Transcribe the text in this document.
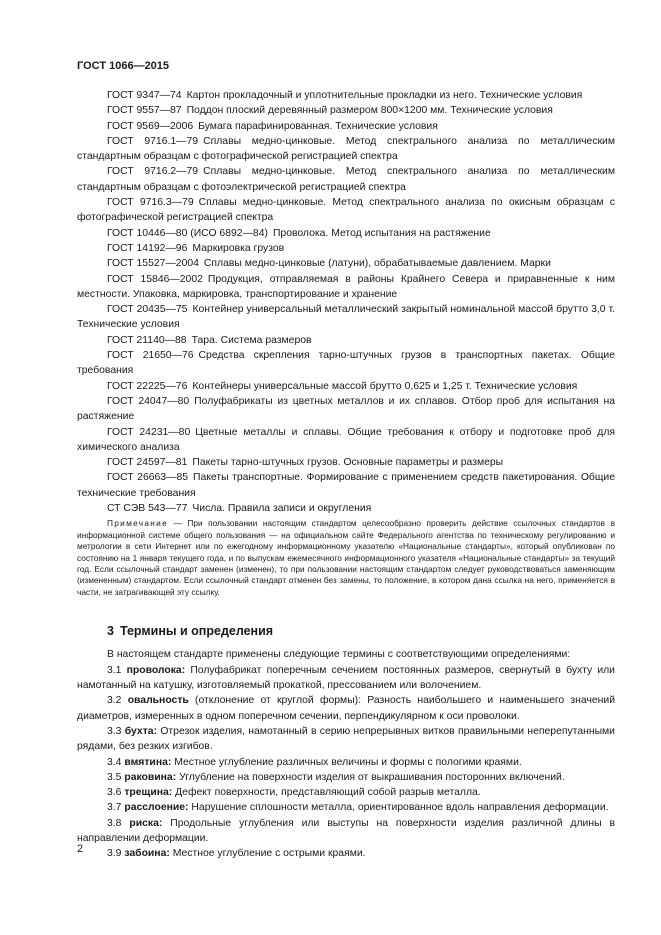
ГОСТ 1066—2015

ГОСТ 9347—74 Картон прокладочный и уплотнительные прокладки из него. Технические условия

ГОСТ 9557—87 Поддон плоский деревянный размером 800×1200 мм. Технические условия

ГОСТ 9569—2006 Бумага парафинированная. Технические условия

ГОСТ 9716.1—79 Сплавы медно-цинковые. Метод спектрального анализа по металлическим стандартным образцам с фотографической регистрацией спектра

ГОСТ 9716.2—79 Сплавы медно-цинковые. Метод спектрального анализа по металлическим стандартным образцам с фотоэлектрической регистрацией спектра

ГОСТ 9716.3—79 Сплавы медно-цинковые. Метод спектрального анализа по окисным образцам с фотографической регистрацией спектра

ГОСТ 10446—80 (ИСО 6892—84) Проволока. Метод испытания на растяжение

ГОСТ 14192—96 Маркировка грузов

ГОСТ 15527—2004 Сплавы медно-цинковые (латуни), обрабатываемые давлением. Марки

ГОСТ 15846—2002 Продукция, отправляемая в районы Крайнего Севера и приравненные к ним местности. Упаковка, маркировка, транспортирование и хранение

ГОСТ 20435—75 Контейнер универсальный металлический закрытый номинальной массой брутто 3,0 т. Технические условия

ГОСТ 21140—88 Тара. Система размеров

ГОСТ 21650—76 Средства скрепления тарно-штучных грузов в транспортных пакетах. Общие требования

ГОСТ 22225—76 Контейнеры универсальные массой брутто 0,625 и 1,25 т. Технические условия

ГОСТ 24047—80 Полуфабрикаты из цветных металлов и их сплавов. Отбор проб для испытания на растяжение

ГОСТ 24231—80 Цветные металлы и сплавы. Общие требования к отбору и подготовке проб для химического анализа

ГОСТ 24597—81 Пакеты тарно-штучных грузов. Основные параметры и размеры

ГОСТ 26663—85 Пакеты транспортные. Формирование с применением средств пакетирования. Общие технические требования

СТ СЭВ 543—77 Числа. Правила записи и округления

Примечание — При пользовании настоящим стандартом целесообразно проверить действие ссылочных стандартов в информационной системе общего пользования — на официальном сайте Федерального агентства по техническому регулированию и метрологии в сети Интернет или по ежегодному информационному указателю «Национальные стандарты», который опубликован по состоянию на 1 января текущего года, и по выпускам ежемесячного информационного указателя «Национальные стандарты» за текущий год. Если ссылочный стандарт заменен (изменен), то при пользовании настоящим стандартом следует руководствоваться заменяющим (измененным) стандартом. Если ссылочный стандарт отменен без замены, то положение, в котором дана ссылка на него, применяется в части, не затрагивающей эту ссылку.

3 Термины и определения

В настоящем стандарте применены следующие термины с соответствующими определениями:

3.1 проволока: Полуфабрикат поперечным сечением постоянных размеров, свернутый в бухту или намотанный на катушку, изготовляемый прокаткой, прессованием или волочением.

3.2 овальность (отклонение от круглой формы): Разность наибольшего и наименьшего значений диаметров, измеренных в одном поперечном сечении, перпендикулярном к оси проволоки.

3.3 бухта: Отрезок изделия, намотанный в серию непрерывных витков правильными неперепутанными рядами, без резких изгибов.

3.4 вмятина: Местное углубление различных величины и формы с пологими краями.

3.5 раковина: Углубление на поверхности изделия от выкрашивания посторонних включений.

3.6 трещина: Дефект поверхности, представляющий собой разрыв металла.

3.7 расслоение: Нарушение сплошности металла, ориентированное вдоль направления деформации.

3.8 риска: Продольные углубления или выступы на поверхности изделия различной длины в направлении деформации.

3.9 забоина: Местное углубление с острыми краями.

2
